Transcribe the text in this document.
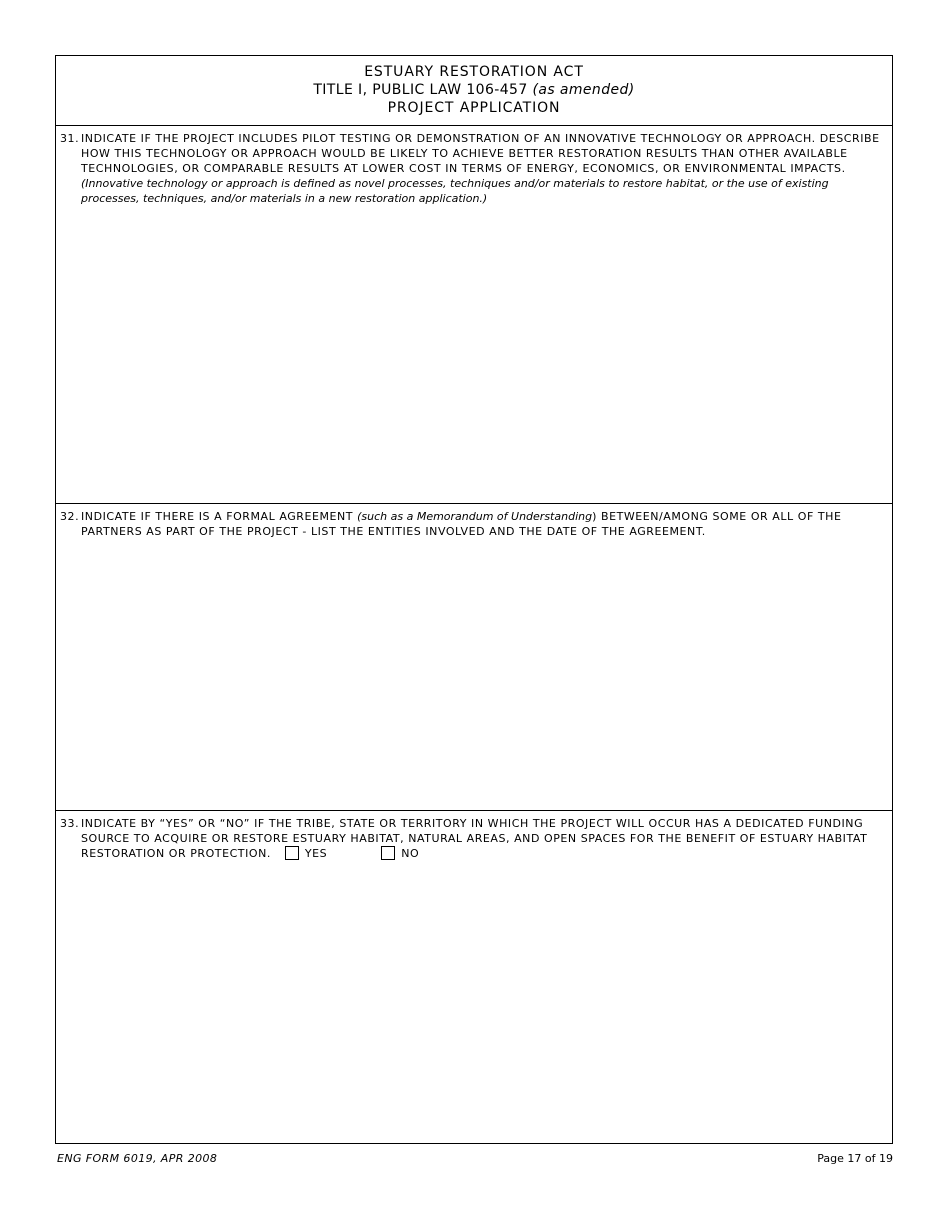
ESTUARY RESTORATION ACT
TITLE I, PUBLIC LAW 106-457 (as amended)
PROJECT APPLICATION
31. INDICATE IF THE PROJECT INCLUDES PILOT TESTING OR DEMONSTRATION OF AN INNOVATIVE TECHNOLOGY OR APPROACH. DESCRIBE HOW THIS TECHNOLOGY OR APPROACH WOULD BE LIKELY TO ACHIEVE BETTER RESTORATION RESULTS THAN OTHER AVAILABLE TECHNOLOGIES, OR COMPARABLE RESULTS AT LOWER COST IN TERMS OF ENERGY, ECONOMICS, OR ENVIRONMENTAL IMPACTS. (Innovative technology or approach is defined as novel processes, techniques and/or materials to restore habitat, or the use of existing processes, techniques, and/or materials in a new restoration application.)
32. INDICATE IF THERE IS A FORMAL AGREEMENT (such as a Memorandum of Understanding) BETWEEN/AMONG SOME OR ALL OF THE PARTNERS AS PART OF THE PROJECT - LIST THE ENTITIES INVOLVED AND THE DATE OF THE AGREEMENT.
33. INDICATE BY “YES” OR “NO” IF THE TRIBE, STATE OR TERRITORY IN WHICH THE PROJECT WILL OCCUR HAS A DEDICATED FUNDING SOURCE TO ACQUIRE OR RESTORE ESTUARY HABITAT, NATURAL AREAS, AND OPEN SPACES FOR THE BENEFIT OF ESTUARY HABITAT RESTORATION OR PROTECTION.	YES	NO
ENG FORM 6019, APR 2008	Page 17 of 19
